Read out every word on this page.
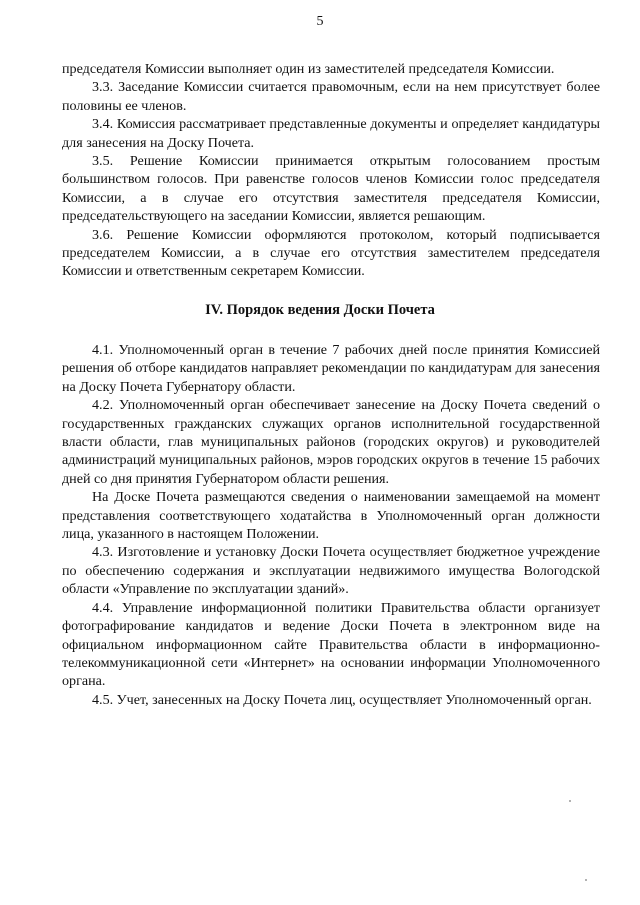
5

председателя Комиссии выполняет один из заместителей председателя Комиссии.

3.3. Заседание Комиссии считается правомочным, если на нем присутствует более половины ее членов.

3.4. Комиссия рассматривает представленные документы и определяет кандидатуры для занесения на Доску Почета.

3.5. Решение Комиссии принимается открытым голосованием простым большинством голосов. При равенстве голосов членов Комиссии голос председателя Комиссии, а в случае его отсутствия заместителя председателя Комиссии, председательствующего на заседании Комиссии, является решающим.

3.6. Решение Комиссии оформляются протоколом, который подписывается председателем Комиссии, а в случае его отсутствия заместителем председателя Комиссии и ответственным секретарем Комиссии.

IV. Порядок ведения Доски Почета

4.1. Уполномоченный орган в течение 7 рабочих дней после принятия Комиссией решения об отборе кандидатов направляет рекомендации по кандидатурам для занесения на Доску Почета Губернатору области.

4.2. Уполномоченный орган обеспечивает занесение на Доску Почета сведений о государственных гражданских служащих органов исполнительной государственной власти области, глав муниципальных районов (городских округов) и руководителей администраций муниципальных районов, мэров городских округов в течение 15 рабочих дней со дня принятия Губернатором области решения.

На Доске Почета размещаются сведения о наименовании замещаемой на момент представления соответствующего ходатайства в Уполномоченный орган должности лица, указанного в настоящем Положении.

4.3. Изготовление и установку Доски Почета осуществляет бюджетное учреждение по обеспечению содержания и эксплуатации недвижимого имущества Вологодской области «Управление по эксплуатации зданий».

4.4. Управление информационной политики Правительства области организует фотографирование кандидатов и ведение Доски Почета в электронном виде на официальном информационном сайте Правительства области в информационно-телекоммуникационной сети «Интернет» на основании информации Уполномоченного органа.

4.5. Учет, занесенных на Доску Почета лиц, осуществляет Уполномоченный орган.
